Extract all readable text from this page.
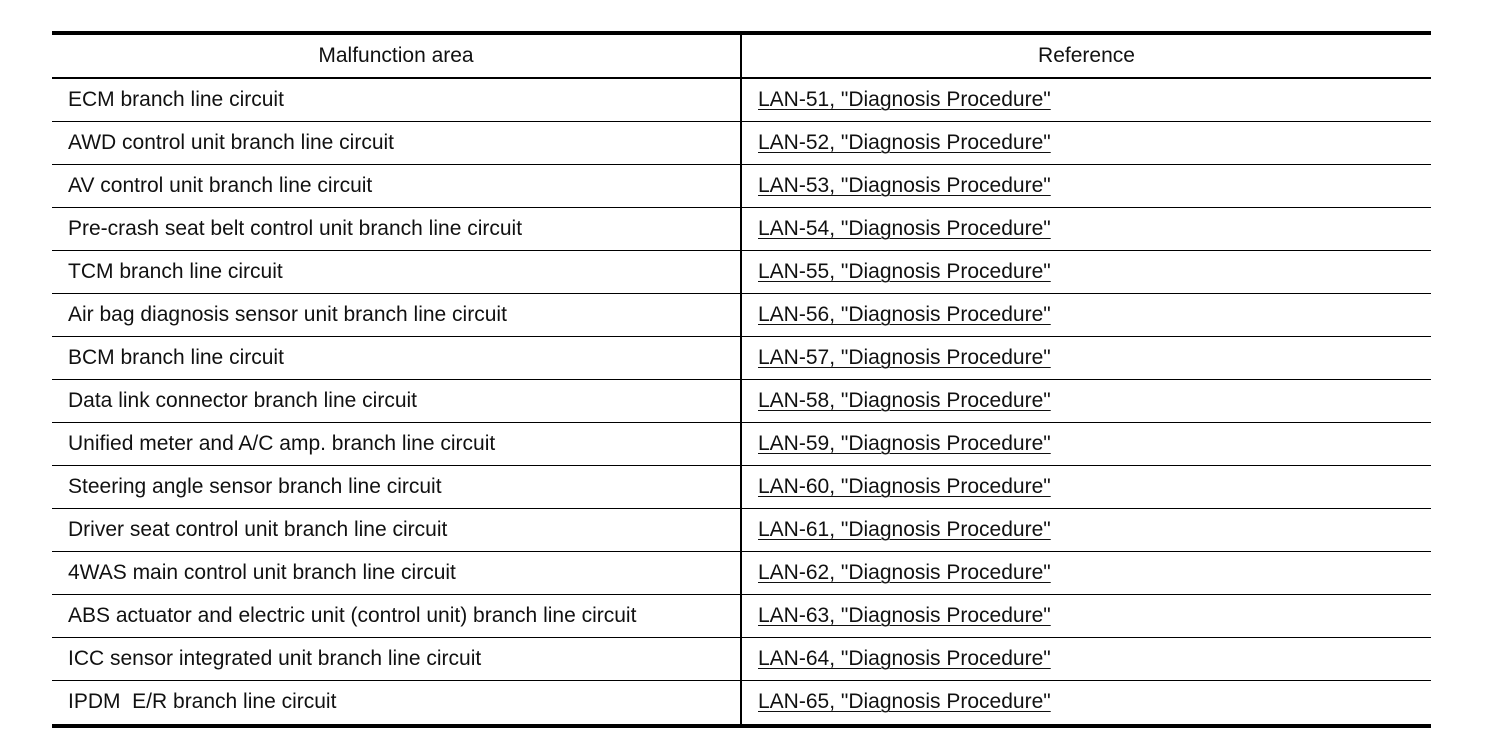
Malfunction area	Reference
ECM branch line circuit	LAN-51, "Diagnosis Procedure"
AWD control unit branch line circuit	LAN-52, "Diagnosis Procedure"
AV control unit branch line circuit	LAN-53, "Diagnosis Procedure"
Pre-crash seat belt control unit branch line circuit	LAN-54, "Diagnosis Procedure"
TCM branch line circuit	LAN-55, "Diagnosis Procedure"
Air bag diagnosis sensor unit branch line circuit	LAN-56, "Diagnosis Procedure"
BCM branch line circuit	LAN-57, "Diagnosis Procedure"
Data link connector branch line circuit	LAN-58, "Diagnosis Procedure"
Unified meter and A/C amp. branch line circuit	LAN-59, "Diagnosis Procedure"
Steering angle sensor branch line circuit	LAN-60, "Diagnosis Procedure"
Driver seat control unit branch line circuit	LAN-61, "Diagnosis Procedure"
4WAS main control unit branch line circuit	LAN-62, "Diagnosis Procedure"
ABS actuator and electric unit (control unit) branch line circuit	LAN-63, "Diagnosis Procedure"
ICC sensor integrated unit branch line circuit	LAN-64, "Diagnosis Procedure"
IPDM  E/R branch line circuit	LAN-65, "Diagnosis Procedure"
